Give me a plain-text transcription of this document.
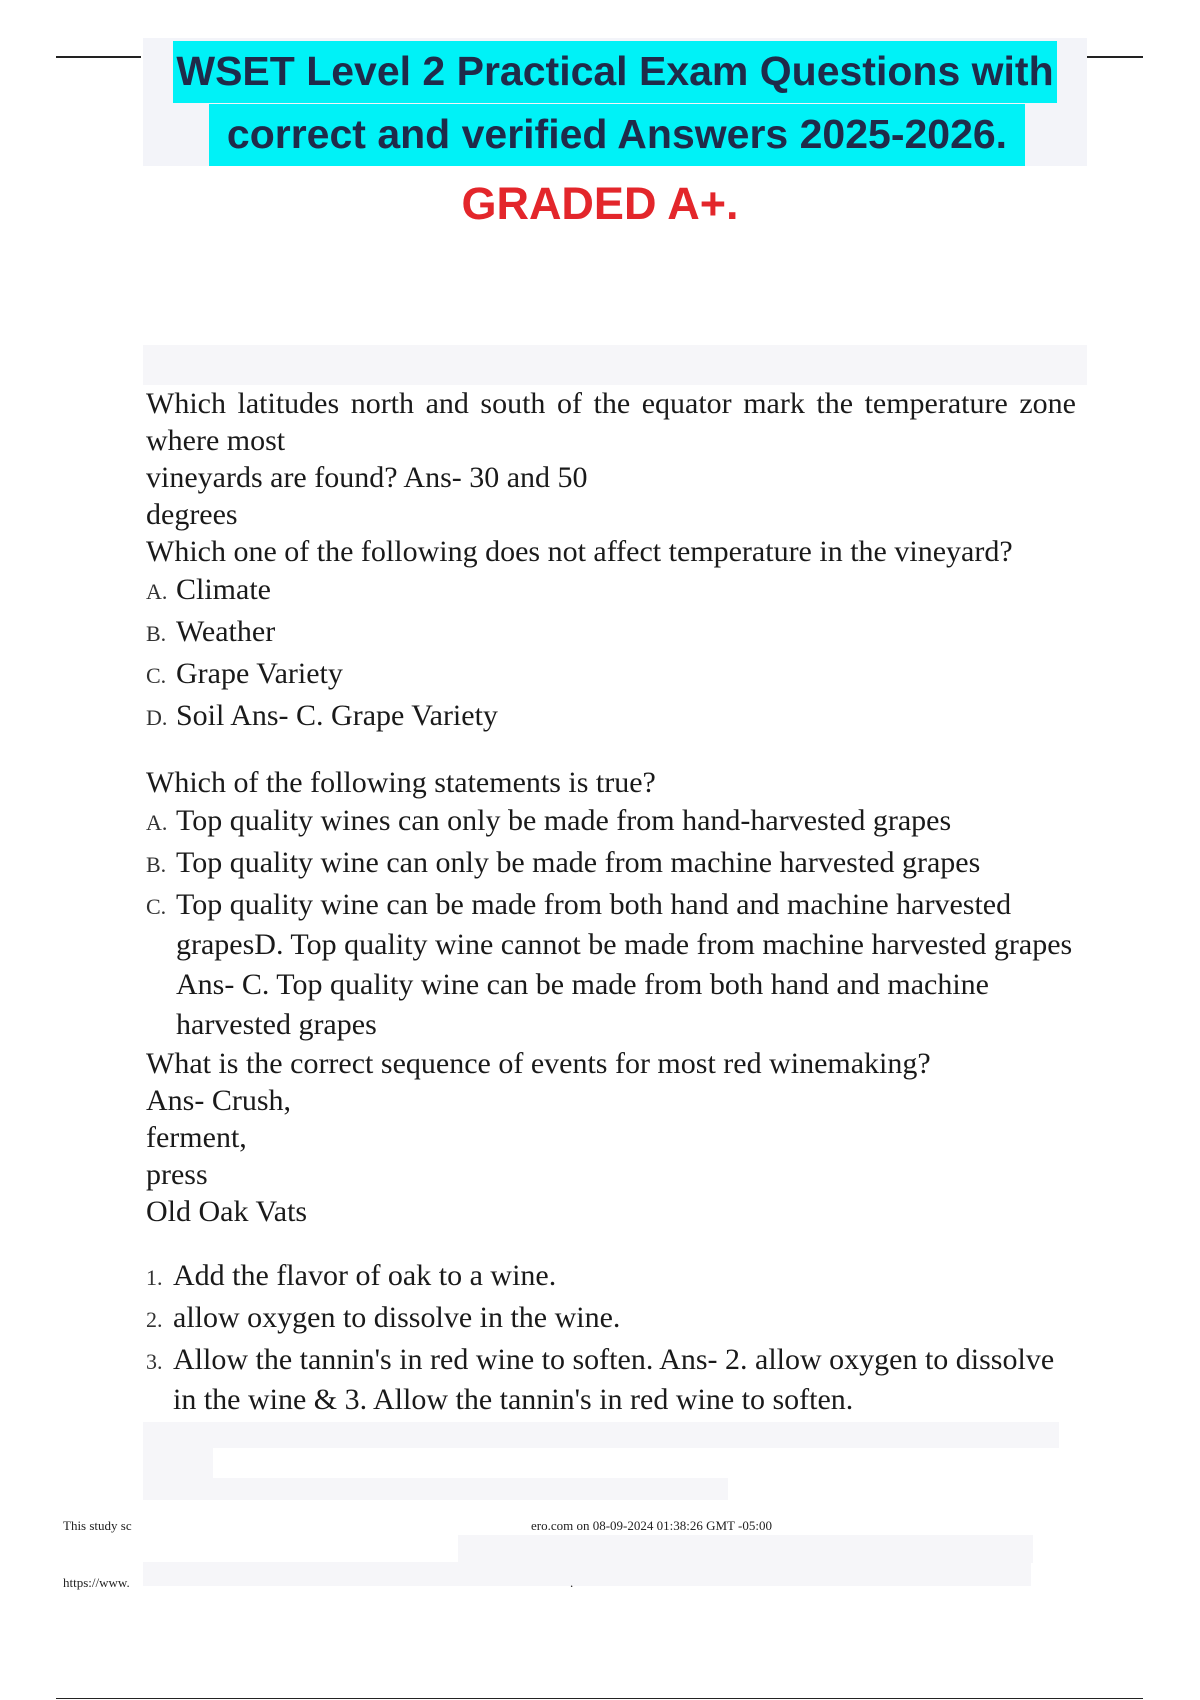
WSET Level 2 Practical Exam Questions with
correct and verified Answers 2025-2026.
GRADED A+.

Which latitudes north and south of the equator mark the temperature zone where most

vineyards are found? Ans- 30 and 50

degrees

Which one of the following does not affect temperature in the vineyard?

A. Climate
B. Weather
C. Grape Variety
D. Soil Ans- C. Grape Variety

Which of the following statements is true?

A. Top quality wines can only be made from hand-harvested grapes
B. Top quality wine can only be made from machine harvested grapes
C. Top quality wine can be made from both hand and machine harvested grapesD. Top quality wine cannot be made from machine harvested grapes Ans- C. Top quality wine can be made from both hand and machine harvested grapes

What is the correct sequence of events for most red winemaking?

Ans- Crush,

ferment,

press

Old Oak Vats

1. Add the flavor of oak to a wine.
2. allow oxygen to dissolve in the wine.
3. Allow the tannin's in red wine to soften. Ans- 2. allow oxygen to dissolve in the wine & 3. Allow the tannin's in red wine to soften.
This study sc	ero.com on 08-09-2024 01:38:26 GMT -05:00
https://www.	.
